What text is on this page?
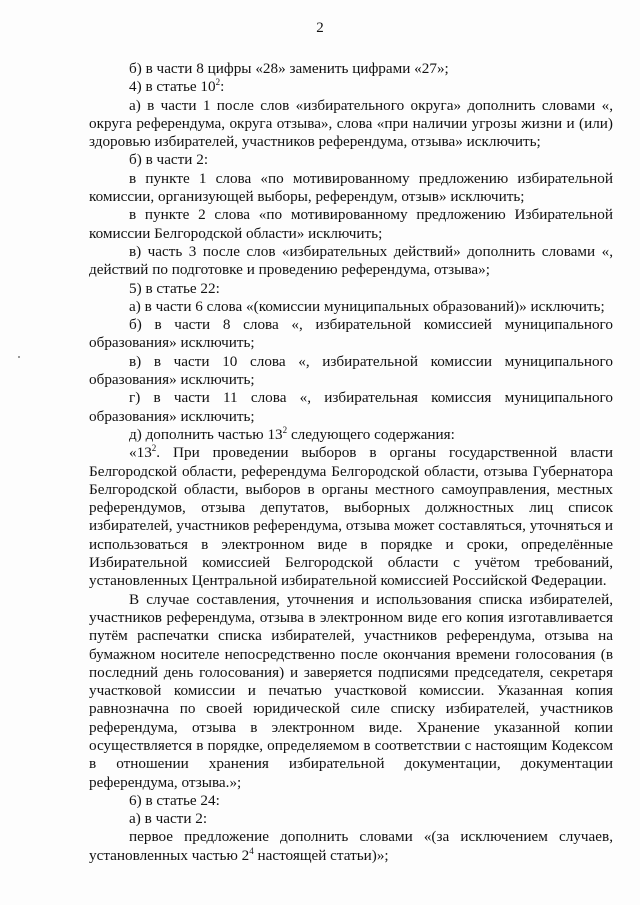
2

б) в части 8 цифры «28» заменить цифрами «27»;

4) в статье $10^2$:

а) в части 1 после слов «избирательного округа» дополнить словами «, округа референдума, округа отзыва», слова «при наличии угрозы жизни и (или) здоровью избирателей, участников референдума, отзыва» исключить;

б) в части 2:

в пункте 1 слова «по мотивированному предложению избирательной комиссии, организующей выборы, референдум, отзыв» исключить;

в пункте 2 слова «по мотивированному предложению Избирательной комиссии Белгородской области» исключить;

в) часть 3 после слов «избирательных действий» дополнить словами «, действий по подготовке и проведению референдума, отзыва»;

5) в статье 22:

а) в части 6 слова «(комиссии муниципальных образований)» исключить;

б) в части 8 слова «, избирательной комиссией муниципального образования» исключить;

в) в части 10 слова «, избирательной комиссии муниципального образования» исключить;

г) в части 11 слова «, избирательная комиссия муниципального образования» исключить;

д) дополнить частью $13^2$ следующего содержания:

«$13^2$. При проведении выборов в органы государственной власти Белгородской области, референдума Белгородской области, отзыва Губернатора Белгородской области, выборов в органы местного самоуправления, местных референдумов, отзыва депутатов, выборных должностных лиц список избирателей, участников референдума, отзыва может составляться, уточняться и использоваться в электронном виде в порядке и сроки, определённые Избирательной комиссией Белгородской области с учётом требований, установленных Центральной избирательной комиссией Российской Федерации.

В случае составления, уточнения и использования списка избирателей, участников референдума, отзыва в электронном виде его копия изготавливается путём распечатки списка избирателей, участников референдума, отзыва на бумажном носителе непосредственно после окончания времени голосования (в последний день голосования) и заверяется подписями председателя, секретаря участковой комиссии и печатью участковой комиссии. Указанная копия равнозначна по своей юридической силе списку избирателей, участников референдума, отзыва в электронном виде. Хранение указанной копии осуществляется в порядке, определяемом в соответствии с настоящим Кодексом в отношении хранения избирательной документации, документации референдума, отзыва.»;

6) в статье 24:

а) в части 2:

первое предложение дополнить словами «(за исключением случаев, установленных частью $2^4$ настоящей статьи)»;
